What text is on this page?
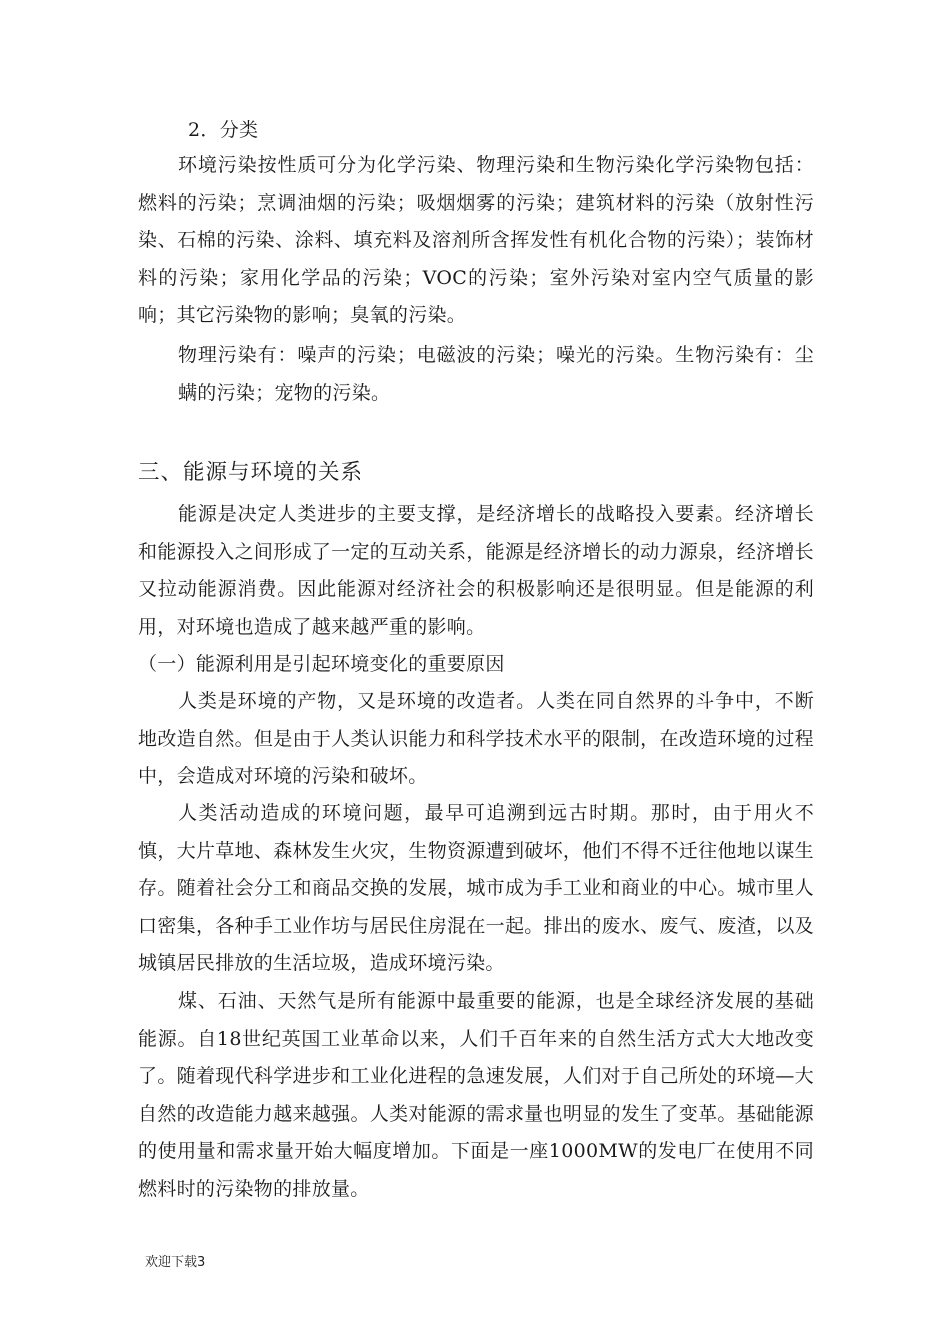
2．分类

环境污染按性质可分为化学污染、物理污染和生物污染化学污染物包括：燃料的污染；烹调油烟的污染；吸烟烟雾的污染；建筑材料的污染（放射性污染、石棉的污染、涂料、填充料及溶剂所含挥发性有机化合物的污染）；装饰材料的污染；家用化学品的污染；VOC的污染；室外污染对室内空气质量的影响；其它污染物的影响；臭氧的污染。

物理污染有：噪声的污染；电磁波的污染；噪光的污染。生物污染有：尘螨的污染；宠物的污染。

三、能源与环境的关系

能源是决定人类进步的主要支撑，是经济增长的战略投入要素。经济增长和能源投入之间形成了一定的互动关系，能源是经济增长的动力源泉，经济增长又拉动能源消费。因此能源对经济社会的积极影响还是很明显。但是能源的利用，对环境也造成了越来越严重的影响。

（一）能源利用是引起环境变化的重要原因

人类是环境的产物，又是环境的改造者。人类在同自然界的斗争中，不断地改造自然。但是由于人类认识能力和科学技术水平的限制，在改造环境的过程中，会造成对环境的污染和破坏。

人类活动造成的环境问题，最早可追溯到远古时期。那时，由于用火不慎，大片草地、森林发生火灾，生物资源遭到破坏，他们不得不迁往他地以谋生存。随着社会分工和商品交换的发展，城市成为手工业和商业的中心。城市里人口密集，各种手工业作坊与居民住房混在一起。排出的废水、废气、废渣，以及城镇居民排放的生活垃圾，造成环境污染。

煤、石油、天然气是所有能源中最重要的能源，也是全球经济发展的基础能源。自18世纪英国工业革命以来，人们千百年来的自然生活方式大大地改变了。随着现代科学进步和工业化进程的急速发展，人们对于自己所处的环境—大自然的改造能力越来越强。人类对能源的需求量也明显的发生了变革。基础能源的使用量和需求量开始大幅度增加。下面是一座1000MW的发电厂在使用不同燃料时的污染物的排放量。

欢迎下载3
